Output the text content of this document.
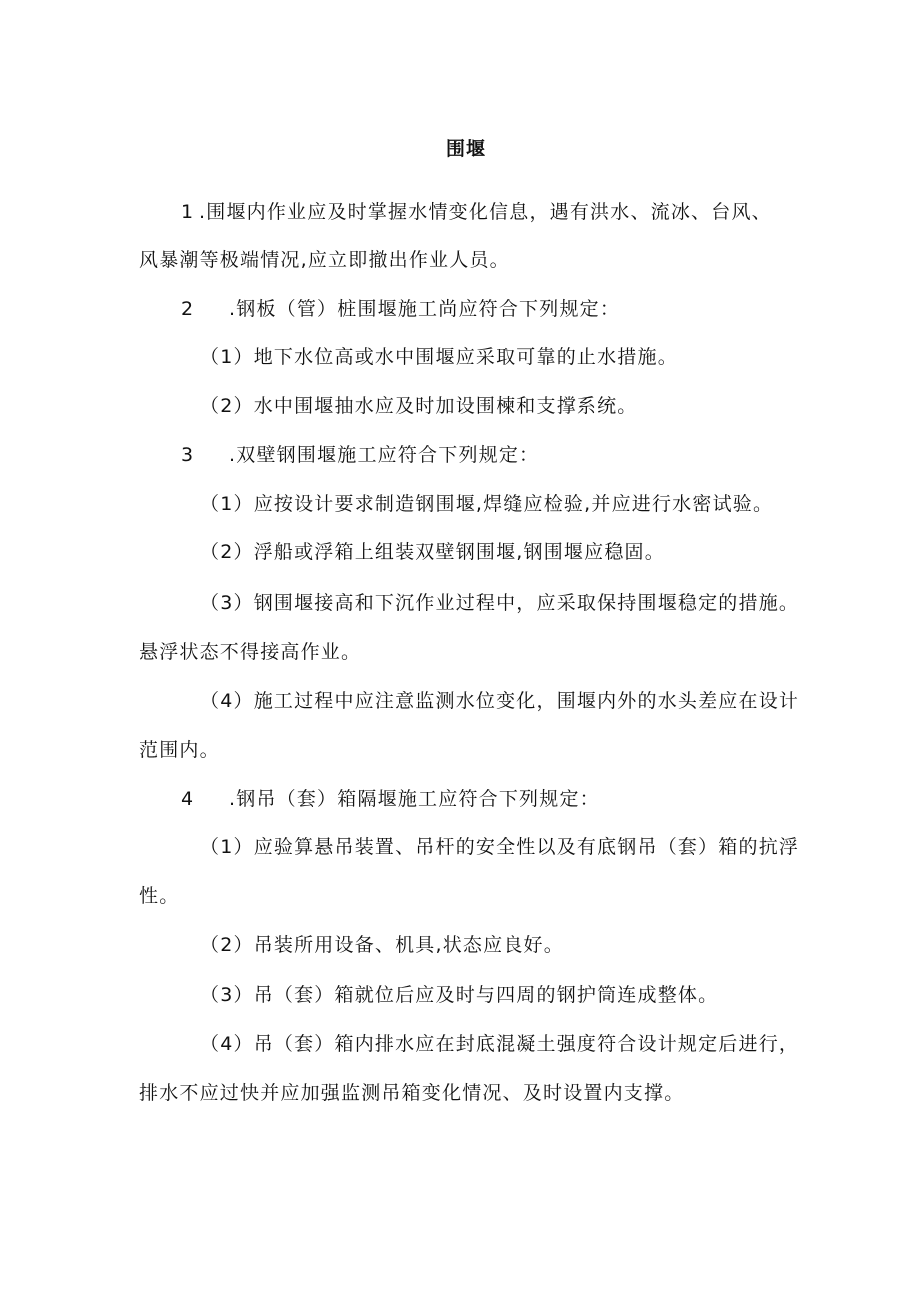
围堰
1 .围堰内作业应及时掌握水情变化信息，遇有洪水、流冰、台风、
风暴潮等极端情况,应立即撤出作业人员。
2 .钢板（管）桩围堰施工尚应符合下列规定：
（1）地下水位高或水中围堰应采取可靠的止水措施。
（2）水中围堰抽水应及时加设围楝和支撑系统。
3 .双壁钢围堰施工应符合下列规定：
（1）应按设计要求制造钢围堰,焊缝应检验,并应进行水密试验。
（2）浮船或浮箱上组装双壁钢围堰,钢围堰应稳固。
（3）钢围堰接高和下沉作业过程中，应采取保持围堰稳定的措施。
悬浮状态不得接高作业。
（4）施工过程中应注意监测水位变化，围堰内外的水头差应在设计
范围内。
4 .钢吊（套）箱隔堰施工应符合下列规定：
（1）应验算悬吊装置、吊杆的安全性以及有底钢吊（套）箱的抗浮
性。
（2）吊装所用设备、机具,状态应良好。
（3）吊（套）箱就位后应及时与四周的钢护筒连成整体。
（4）吊（套）箱内排水应在封底混凝土强度符合设计规定后进行，
排水不应过快并应加强监测吊箱变化情况、及时设置内支撑。
